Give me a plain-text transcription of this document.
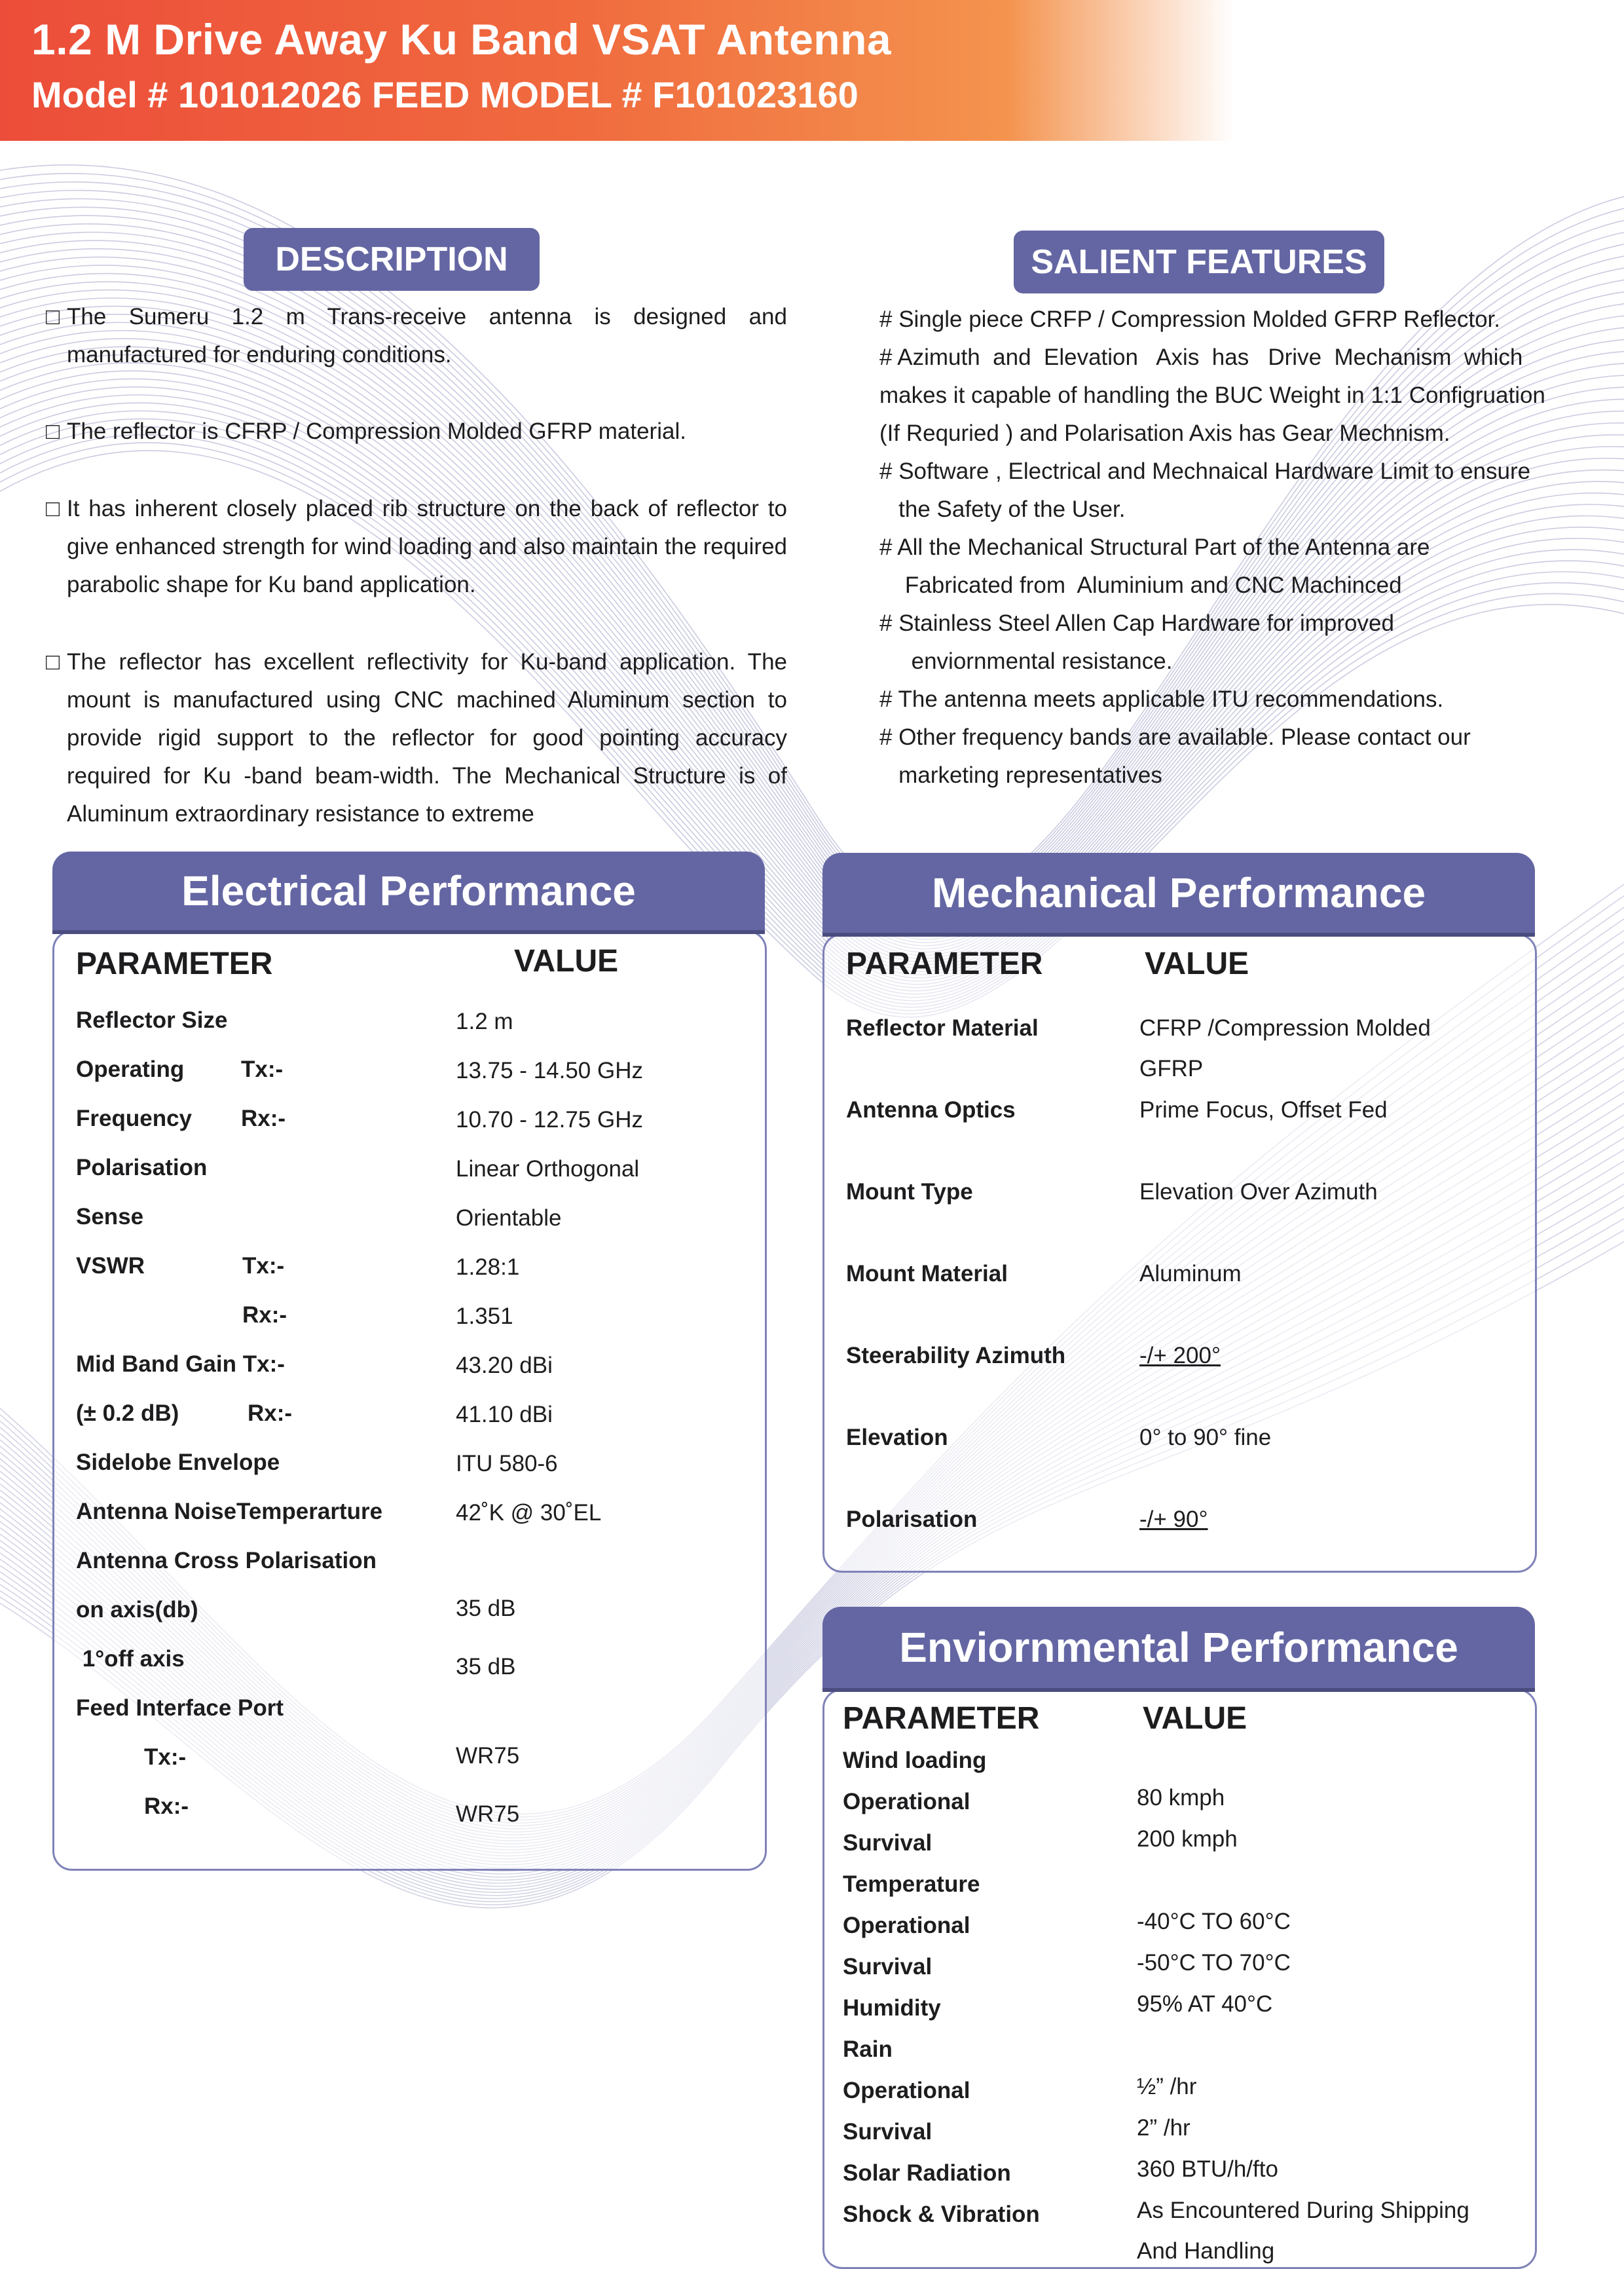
1.2 M Drive Away Ku Band VSAT Antenna
Model # 101012026 FEED MODEL # F101023160
DESCRIPTION
□ The Sumeru 1.2 m Trans-receive antenna is designed and manufactured for enduring conditions.
□ The reflector is CFRP / Compression Molded GFRP material.
□ It has inherent closely placed rib structure on the back of reflector to give enhanced strength for wind loading and also maintain the required parabolic shape for Ku band application.
□ The reflector has excellent reflectivity for Ku-band application. The mount is manufactured using CNC machined Aluminum section to provide rigid support to the reflector for good pointing accuracy required for Ku -band beam-width. The Mechanical Structure is of Aluminum extraordinary resistance to extreme
SALIENT FEATURES
# Single piece CRFP / Compression Molded GFRP Reflector.
# Azimuth  and  Elevation   Axis  has   Drive  Mechanism  which
makes it capable of handling the BUC Weight in 1:1 Configruation
(If Requried ) and Polarisation Axis has Gear Mechnism.
# Software , Electrical and Mechnaical Hardware Limit to ensure
the Safety of the User.
# All the Mechanical Structural Part of the Antenna are
Fabricated from  Aluminium and CNC Machinced
# Stainless Steel Allen Cap Hardware for improved
enviornmental resistance.
# The antenna meets applicable ITU recommendations.
# Other frequency bands are available. Please contact our
marketing representatives
Electrical Performance
PARAMETER	VALUE
Reflector Size	1.2 m
Operating Tx:-	13.75 - 14.50 GHz
Frequency Rx:-	10.70 - 12.75 GHz
Polarisation	Linear Orthogonal
Sense	Orientable
VSWR	Tx:-	1.28:1
Rx:-	1.351
Mid Band Gain Tx:-	43.20 dBi
(± 0.2 dB)	Rx:-	41.10 dBi
Sidelobe Envelope	ITU 580-6
Antenna NoiseTemperarture	42˚K @ 30˚EL
Antenna Cross Polarisation
on axis(db)	35 dB
1°off axis	35 dB
Feed Interface Port
Tx:-	WR75
Rx:-	WR75
Mechanical Performance
PARAMETER	VALUE
Reflector Material	CFRP /Compression Molded
GFRP
Antenna Optics	Prime Focus, Offset Fed
Mount Type	Elevation Over Azimuth
Mount Material	Aluminum
Steerability Azimuth	-/+ 200°
Elevation	0° to 90° fine
Polarisation	-/+ 90°
Enviornmental Performance
PARAMETER	VALUE
Wind loading
Operational	80 kmph
Survival	200 kmph
Temperature
Operational	-40°C TO 60°C
Survival	-50°C TO 70°C
Humidity	95% AT 40°C
Rain
Operational	½” /hr
Survival	2” /hr
Solar Radiation	360 BTU/h/fto
Shock & Vibration	As Encountered During Shipping
And Handling
